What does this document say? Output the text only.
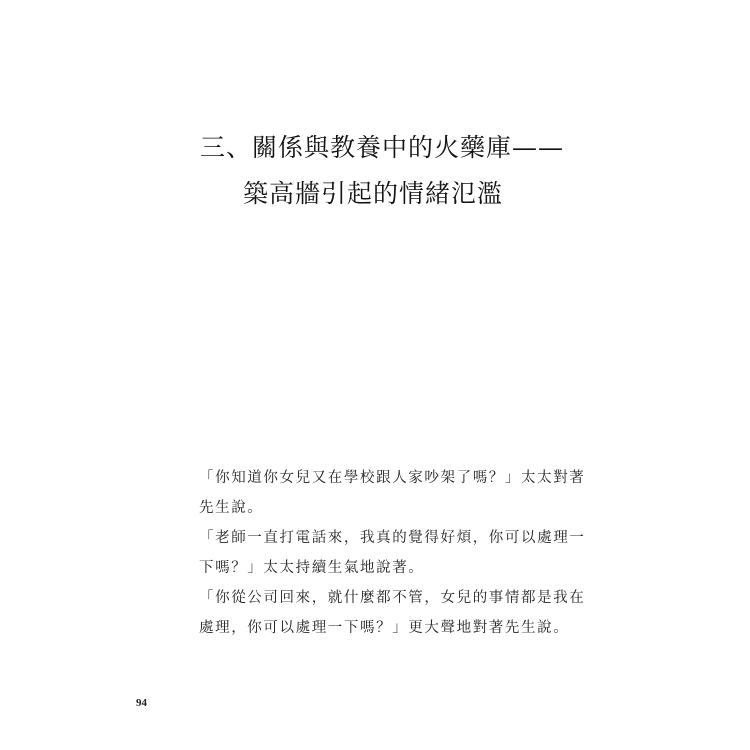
三、關係與教養中的火藥庫——
築高牆引起的情緒氾濫
「你知道你女兒又在學校跟人家吵架了嗎？」太太對著
先生說。
「老師一直打電話來，我真的覺得好煩，你可以處理一
下嗎？」太太持續生氣地說著。
「你從公司回來，就什麼都不管，女兒的事情都是我在
處理，你可以處理一下嗎？」更大聲地對著先生說。
94
